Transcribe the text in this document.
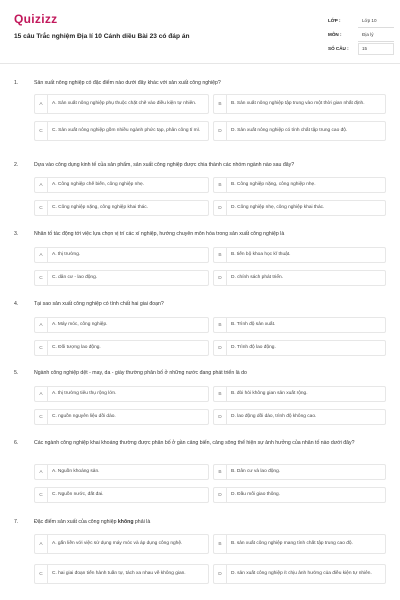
Quizizz
15 câu Trắc nghiệm Địa lí 10 Cánh diều Bài 23 có đáp án
LỚP :	Lớp 10
MÔN :	Địa lý
SỐ CÂU :	15
1.	Sản xuất nông nghiệp có đặc điểm nào dưới đây khác với sản xuất công nghiệp?
A	A. Sản xuất nông nghiệp phụ thuộc chặt chẽ vào điều kiện tự nhiên.	B	B. Sản xuất nông nghiệp tập trung vào một thời gian nhất định.
C	C. Sản xuất nông nghiệp gồm nhiều ngành phức tạp, phân công tỉ mỉ.	D	D. Sản xuất nông nghiệp có tính chất tập trung cao độ.
2.	Dựa vào công dụng kinh tế của sản phẩm, sản xuất công nghiệp được chia thành các nhóm ngành nào sau đây?
A	A. Công nghiệp chế biến, công nghiệp nhẹ.	B	B. Công nghiệp nặng, công nghiệp nhẹ.
C	C. Công nghiệp nặng, công nghiệp khai thác.	D	D. Công nghiệp nhẹ, công nghiệp khai thác.
3.	Nhân tố tác động tới việc lựa chọn vị trí các xí nghiệp, hướng chuyên môn hóa trong sản xuất công nghiệp là
A	A. thị trường.	B	B. tiến bộ khoa học kĩ thuật.
C	C. dân cư - lao động.	D	D. chính sách phát triển.
4.	Tại sao sản xuất công nghiệp có tính chất hai giai đoạn?
A	A. Máy móc, công nghiệp.	B	B. Trình độ sản xuất.
C	C. Đối tượng lao động.	D	D. Trình độ lao động.
5.	Ngành công nghiệp dệt - may, da - giày thường phân bố ở những nước đang phát triển là do
A	A. thị trường tiêu thụ rộng lớn.	B	B. đòi hỏi không gian sản xuất rộng.
C	C. nguồn nguyên liệu dồi dào.	D	D. lao động dồi dào, trình độ không cao.
6.	Các ngành công nghiệp khai khoáng thường được phân bố ở gần cảng biển, cảng sông thể hiện sự ảnh hưởng của nhân tố nào dưới đây?
A	A. Nguồn khoáng sản.	B	B. Dân cư và lao động.
C	C. Nguồn nước, đất đai.	D	D. Đầu mối giao thông.
7.	Đặc điểm sản xuất của công nghiệp không phải là
A	A. gắn liền với việc sử dụng máy móc và áp dụng công nghệ.	B	B. sản xuất công nghiệp mang tính chất tập trung cao độ.
C	C. hai giai đoạn tiến hành tuần tự, tách xa nhau về không gian.	D	D. sản xuất công nghiệp ít chịu ảnh hưởng của điều kiện tự nhiên.
